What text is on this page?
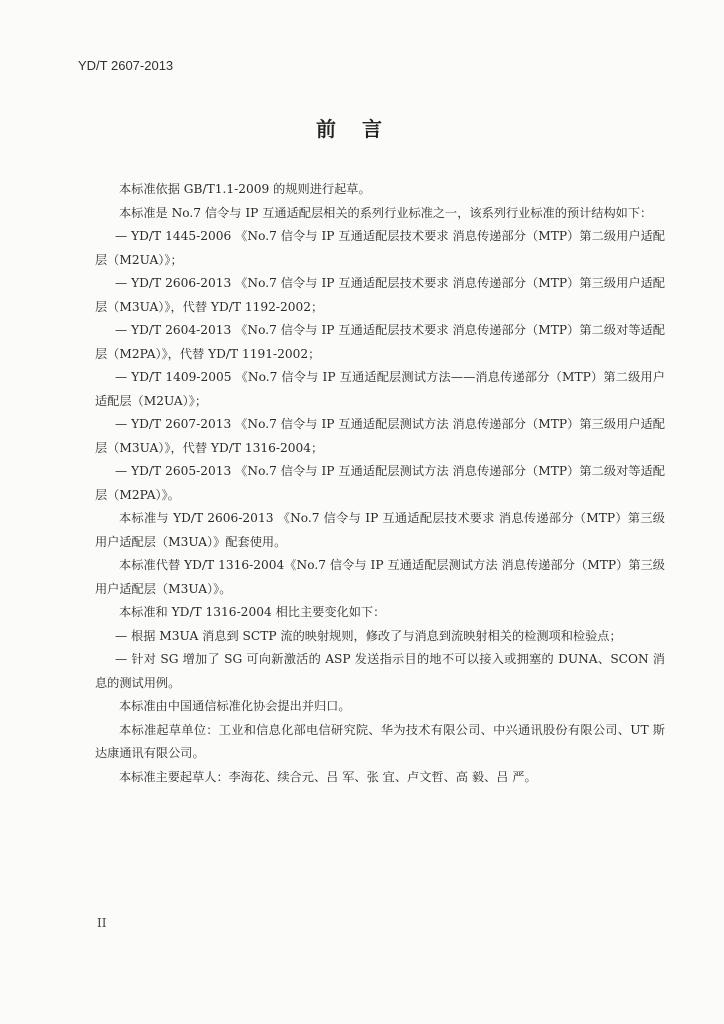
YD/T 2607-2013
前言

本标准依据 GB/T1.1-2009 的规则进行起草。

本标准是 No.7 信令与 IP 互通适配层相关的系列行业标准之一，该系列行业标准的预计结构如下：

— YD/T 1445-2006 《No.7 信令与 IP 互通适配层技术要求 消息传递部分（MTP）第二级用户适配层（M2UA）》；

— YD/T 2606-2013 《No.7 信令与 IP 互通适配层技术要求 消息传递部分（MTP）第三级用户适配层（M3UA）》，代替 YD/T 1192-2002；

— YD/T 2604-2013 《No.7 信令与 IP 互通适配层技术要求 消息传递部分（MTP）第二级对等适配层（M2PA）》，代替 YD/T 1191-2002；

— YD/T 1409-2005 《No.7 信令与 IP 互通适配层测试方法——消息传递部分（MTP）第二级用户适配层（M2UA）》；

— YD/T 2607-2013 《No.7 信令与 IP 互通适配层测试方法 消息传递部分（MTP）第三级用户适配层（M3UA）》，代替 YD/T 1316-2004；

— YD/T 2605-2013 《No.7 信令与 IP 互通适配层测试方法 消息传递部分（MTP）第二级对等适配层（M2PA）》。

本标准与 YD/T 2606-2013 《No.7 信令与 IP 互通适配层技术要求 消息传递部分（MTP）第三级用户适配层（M3UA）》配套使用。

本标准代替 YD/T 1316-2004《No.7 信令与 IP 互通适配层测试方法 消息传递部分（MTP）第三级用户适配层（M3UA）》。

本标准和 YD/T 1316-2004 相比主要变化如下：

— 根据 M3UA 消息到 SCTP 流的映射规则，修改了与消息到流映射相关的检测项和检验点；

— 针对 SG 增加了 SG 可向新激活的 ASP 发送指示目的地不可以接入或拥塞的 DUNA、SCON 消息的测试用例。

本标准由中国通信标准化协会提出并归口。

本标准起草单位：工业和信息化部电信研究院、华为技术有限公司、中兴通讯股份有限公司、UT 斯达康通讯有限公司。

本标准主要起草人：李海花、续合元、吕 军、张 宜、卢文哲、高 毅、吕 严。

II
